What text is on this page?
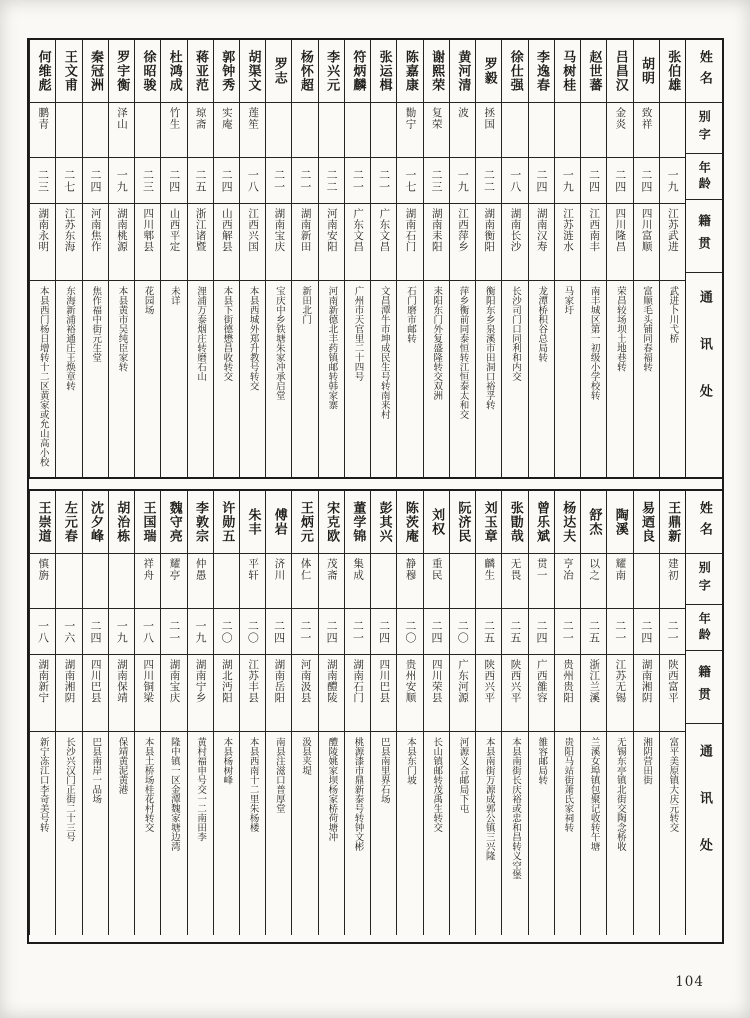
姓名
别字
年龄
籍贯
通讯处
张伯雄
一九
江苏武进
武进卜川弋桥
胡明
致祥
二四
四川富顺
富顺毛头铺同春福转
吕昌汉
金炎
二四
四川隆昌
荣昌较场坝土地巷转
赵世蕃
二四
江西南丰
南丰城区第一初级小学校转
马树桂
一九
江苏涟水
马家圩
李逸春
二四
湖南汉寿
龙潭桥积谷总局转
徐仕强
一八
湖南长沙
长沙司门口同利和内交
罗毅
拯国
二二
湖南衡阳
衡阳东乡泉溪市田洞口裕孚转
黄河清
波
一九
江西萍乡
萍乡衡前同泰恒转江恒泰太和交
谢熙荣
复荣
二三
湖南耒阳
耒阳东门外复盛隆转交双洲
陈嘉康
勚宁
一七
湖南石门
石门磨市邮转
张运楫
二一
广东文昌
文昌潭牛市坤成民生号转南来村
符炳麟
二一
广东文昌
广州市天官里二十四号
李兴元
二二
河南安阳
河南新德北丰药镇邮转韩家寨
杨怀超
二一
湖南新田
新田北门
罗志
二一
湖南宝庆
宝庆中乡铁塘朱家冲承启堂
胡渠文
莲笙
一八
江西兴国
本县西城外郑升教号转交
郭钟秀
实庵
二四
山西解县
本县下街德懋昌收转交
蒋亚范
琼斋
二五
浙江诸暨
浬浦万泰烟庄转磨石山
杜鸿成
竹生
二四
山西平定
未详
徐昭骏
二三
四川郫县
花园场
罗宇衡
泽山
一九
湖南桃源
本县黄市吴纯臣家转
秦冠洲
二四
河南焦作
焦作福中街元生堂
王文甫
二七
江苏东海
东海新浦裕通庄王焕章转
何维彪
鹏青
二三
湖南永明
本县西门杨日增转十二区黄家或允山高小校
姓名
别字
年龄
籍贯
通讯处
王鼎新
建初
二一
陕西富平
富平美原镇大庆元转交
易迺良
二四
湖南湘阴
湘阴营田街
陶溪
耀南
二一
江苏无锡
无锡东亭镇北街交陶念桥收
舒杰
以之
二五
浙江兰溪
兰溪女埠镇包聚记收转午塘
杨达夫
亨冶
二一
贵州贵阳
贵阳马站街萧氏家祠转
曾乐斌
贯一
二四
广西雒容
雒容邮局转
张勖哉
无畏
二五
陕西兴平
本县南街长庆裕或忠和昌转义空堡
刘玉章
麟生
二五
陕西兴平
本县南街万源成郭公镇三兴隆
阮济民
二〇
广东河源
河源义合邮局下屯
刘权
重民
二四
四川荣县
长山镇邮转茂禹生转交
陈茨庵
静穆
二〇
贵州安顺
本县东门坡
彭其兴
二四
四川巴县
巴县南里界石场
董学锦
集成
二一
湖南石门
桃源漆市鼎新泰号转钟文彬
宋克欧
茂斋
二四
湖南醴陵
醴陵姚家坝杨家桥荷塘冲
王炳元
体仁
二一
河南汲县
汲县夹堤
傅岩
济川
二四
湖南岳阳
南县注滋口普厚堂
朱丰
平轩
二〇
江苏丰县
本县西南十二里朱杨楼
许勋五
二〇
湖北沔阳
本县杨树峰
李敦宗
仲愚
一九
湖南宁乡
黄村福申号交一二南田李
魏守亮
耀亭
二一
湖南宝庆
隆中镇一区金潭魏家塘边湾
王国瑞
祥舟
一八
四川铜梁
本县土桥场桂花村转交
胡治栋
一九
湖南保靖
保靖黄泥黄港
沈夕峰
二四
四川巴县
巴县南岸一品场
左元春
一六
湖南湘阴
长沙兴汉门正街二十三号
王崇道
慎旃
一八
湖南新宁
新宁冻江口李奇美号转
104
